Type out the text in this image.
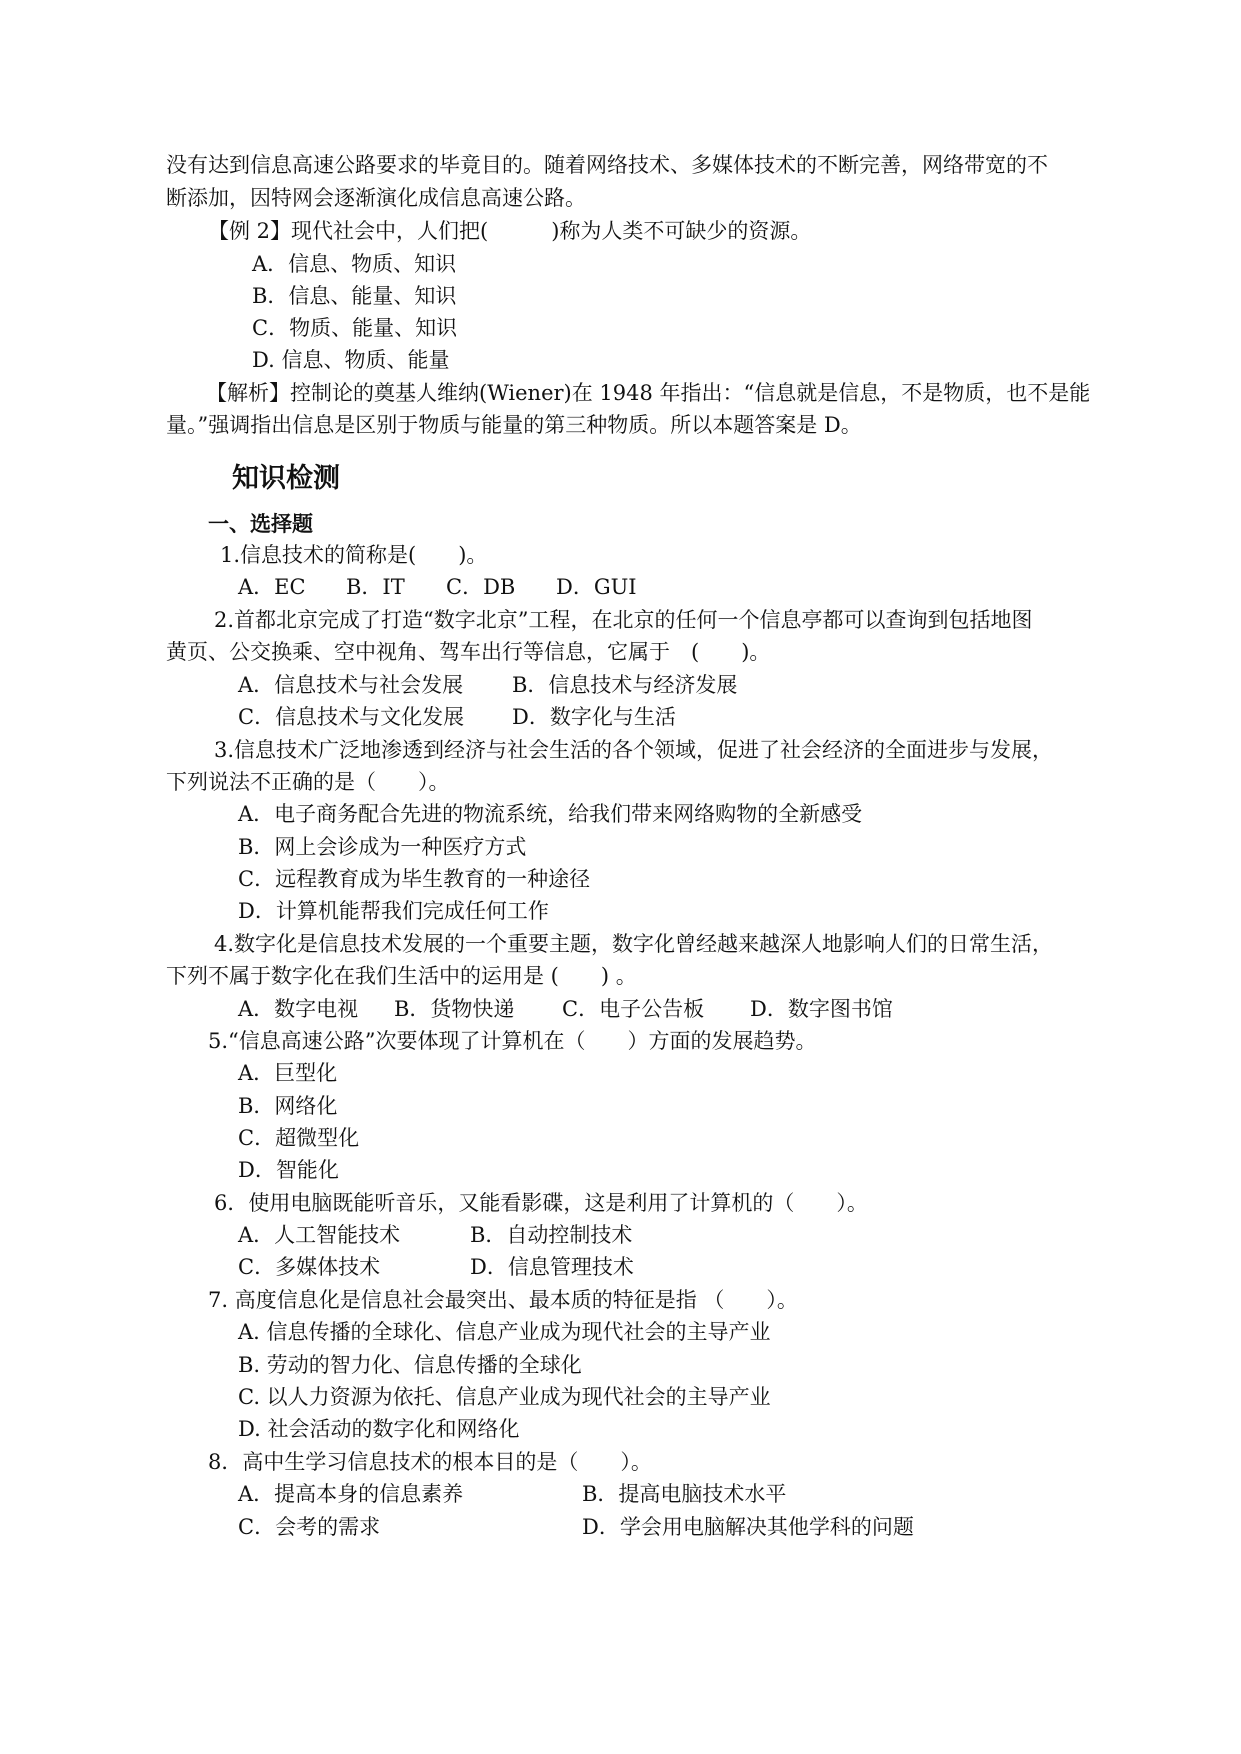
没有达到信息高速公路要求的毕竟目的。随着网络技术、多媒体技术的不断完善，网络带宽的不
断添加，因特网会逐渐演化成信息高速公路。
【例 2】现代社会中，人们把(　　　)称为人类不可缺少的资源。
A．信息、物质、知识
B．信息、能量、知识
C．物质、能量、知识
D. 信息、物质、能量
【解析】控制论的奠基人维纳(Wiener)在 1948 年指出：“信息就是信息，不是物质，也不是能
量。”强调指出信息是区别于物质与能量的第三种物质。所以本题答案是 D。
知识检测
一、选择题
1.信息技术的简称是(　　)。
A．EC B．IT C．DB D．GUI
2.首都北京完成了打造“数字北京”工程，在北京的任何一个信息亭都可以查询到包括地图
黄页、公交换乘、空中视角、驾车出行等信息，它属于　(　　)。
A．信息技术与社会发展 B．信息技术与经济发展
C．信息技术与文化发展 D．数字化与生活
3.信息技术广泛地渗透到经济与社会生活的各个领域，促进了社会经济的全面进步与发展，
下列说法不正确的是（　　）。
A．电子商务配合先进的物流系统，给我们带来网络购物的全新感受
B．网上会诊成为一种医疗方式
C．远程教育成为毕生教育的一种途径
D．计算机能帮我们完成任何工作
4.数字化是信息技术发展的一个重要主题，数字化曾经越来越深人地影响人们的日常生活，
下列不属于数字化在我们生活中的运用是 (　　) 。
A．数字电视 B．货物快递 C．电子公告板 D．数字图书馆
5.“信息高速公路”次要体现了计算机在（　　）方面的发展趋势。
A．巨型化
B．网络化
C．超微型化
D．智能化
6．使用电脑既能听音乐，又能看影碟，这是利用了计算机的（　　）。
A．人工智能技术	B．自动控制技术
C．多媒体技术	D．信息管理技术
7. 高度信息化是信息社会最突出、最本质的特征是指 （　　）。
A. 信息传播的全球化、信息产业成为现代社会的主导产业
B. 劳动的智力化、信息传播的全球化
C. 以人力资源为依托、信息产业成为现代社会的主导产业
D. 社会活动的数字化和网络化
8．高中生学习信息技术的根本目的是（　　）。
A．提高本身的信息素养	B．提高电脑技术水平
C．会考的需求	D．学会用电脑解决其他学科的问题
